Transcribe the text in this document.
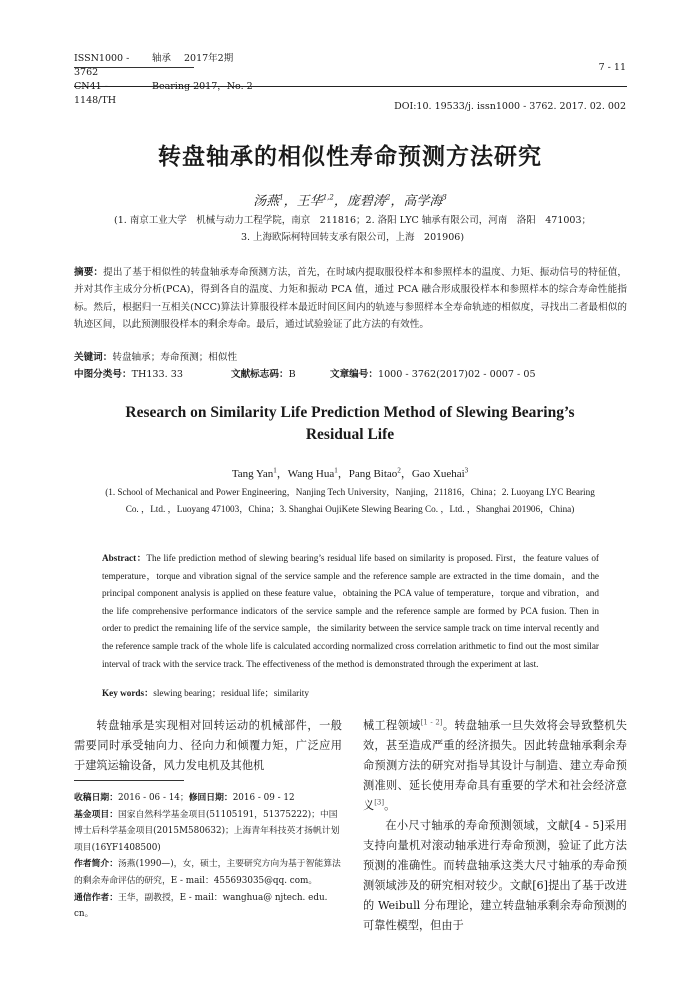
ISSN1000 - 3762
轴承	2017年2期
CN41 - 1148/TH
Bearing 2017，No. 2
7 - 11
DOI:10. 19533/j. issn1000 - 3762. 2017. 02. 002
转盘轴承的相似性寿命预测方法研究
汤燕$^1$，王华$^{1,2}$，庞碧涛$^2$，高学海$^3$
(1. 南京工业大学　机械与动力工程学院，南京　211816；2. 洛阳 LYC 轴承有限公司，河南　洛阳　471003；
3. 上海欧际柯特回转支承有限公司，上海　201906)
摘要：提出了基于相似性的转盘轴承寿命预测方法，首先，在时域内提取服役样本和参照样本的温度、力矩、振动信号的特征值，并对其作主成分分析(PCA)，得到各自的温度、力矩和振动 PCA 值，通过 PCA 融合形成服役样本和参照样本的综合寿命性能指标。然后，根据归一互相关(NCC)算法计算服役样本最近时间区间内的轨迹与参照样本全寿命轨迹的相似度，寻找出二者最相似的轨迹区间，以此预测服役样本的剩余寿命。最后，通过试验验证了此方法的有效性。
关键词：转盘轴承；寿命预测；相似性
中图分类号：TH133. 33	文献标志码：B	文章编号：1000 - 3762(2017)02 - 0007 - 05
Research on Similarity Life Prediction Method of Slewing Bearing’s
Residual Life
Tang Yan$^1$，Wang Hua$^1$，Pang Bitao$^2$，Gao Xuehai$^3$
(1. School of Mechanical and Power Engineering，Nanjing Tech University，Nanjing，211816，China；2. Luoyang LYC Bearing Co. ，Ltd. ，Luoyang 471003，China；3. Shanghai OujiKete Slewing Bearing Co. ，Ltd. ，Shanghai 201906，China)
Abstract：The life prediction method of slewing bearing’s residual life based on similarity is proposed. First，the feature values of temperature，torque and vibration signal of the service sample and the reference sample are extracted in the time domain，and the principal component analysis is applied on these feature value，obtaining the PCA value of temperature，torque and vibration，and the life comprehensive performance indicators of the service sample and the reference sample are formed by PCA fusion. Then in order to predict the remaining life of the service sample，the similarity between the service sample track on time interval recently and the reference sample track of the whole life is calculated according normalized cross correlation arithmetic to find out the most similar interval of track with the service track. The effectiveness of the method is demonstrated through the experiment at last.
Key words：slewing bearing；residual life；similarity

转盘轴承是实现相对回转运动的机械部件，一般需要同时承受轴向力、径向力和倾覆力矩，广泛应用于建筑运输设备，风力发电机及其他机

收稿日期：2016 - 06 - 14；修回日期：2016 - 09 - 12

基金项目：国家自然科学基金项目(51105191，51375222)；中国博士后科学基金项目(2015M580632)；上海青年科技英才扬帆计划项目(16YF1408500)

作者简介：汤燕(1990—)，女，硕士，主要研究方向为基于智能算法的剩余寿命评估的研究，E - mail：455693035@qq. com。

通信作者：王华，副教授，E - mail：wanghua@ njtech. edu. cn。

械工程领域[1 - 2]。转盘轴承一旦失效将会导致整机失效，甚至造成严重的经济损失。因此转盘轴承剩余寿命预测方法的研究对指导其设计与制造、建立寿命预测准则、延长使用寿命具有重要的学术和社会经济意义[3]。

在小尺寸轴承的寿命预测领域，文献[4 - 5]采用支持向量机对滚动轴承进行寿命预测，验证了此方法预测的准确性。而转盘轴承这类大尺寸轴承的寿命预测领域涉及的研究相对较少。文献[6]提出了基于改进的 Weibull 分布理论，建立转盘轴承剩余寿命预测的可靠性模型，但由于
